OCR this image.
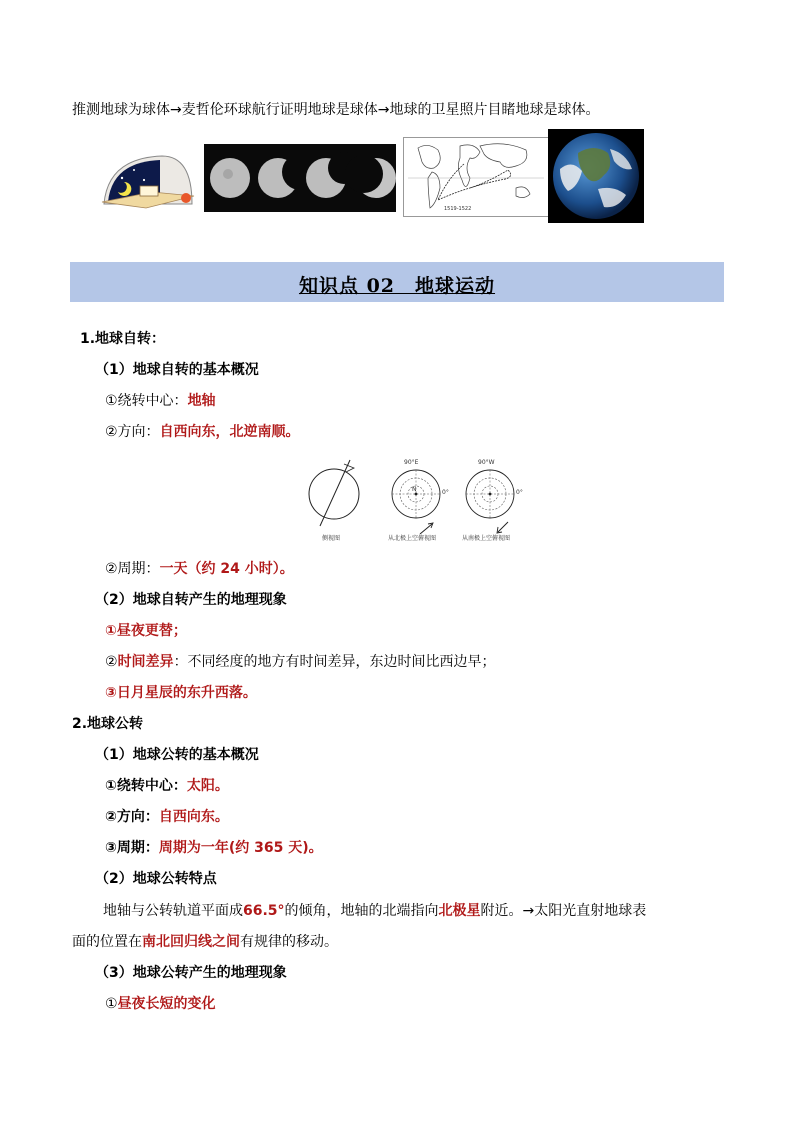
推测地球为球体→麦哲伦环球航行证明地球是球体→地球的卫星照片目睹地球是球体。
1519-1522
知识点 02　地球运动
1.地球自转：
（1）地球自转的基本概况
①绕转中心：地轴
②方向：自西向东，北逆南顺。
90°E
0°
N
90°W
0°
侧视图	从北极上空俯视图	从南极上空俯视图
②周期：一天（约 24 小时）。
（2）地球自转产生的地理现象
①昼夜更替；
②时间差异：不同经度的地方有时间差异，东边时间比西边早；
③日月星辰的东升西落。
2.地球公转
（1）地球公转的基本概况
①绕转中心：太阳。
②方向：自西向东。
③周期：周期为一年(约 365 天)。
（2）地球公转特点
地轴与公转轨道平面成66.5°的倾角，地轴的北端指向北极星附近。→太阳光直射地球表
面的位置在南北回归线之间有规律的移动。
（3）地球公转产生的地理现象
①昼夜长短的变化
